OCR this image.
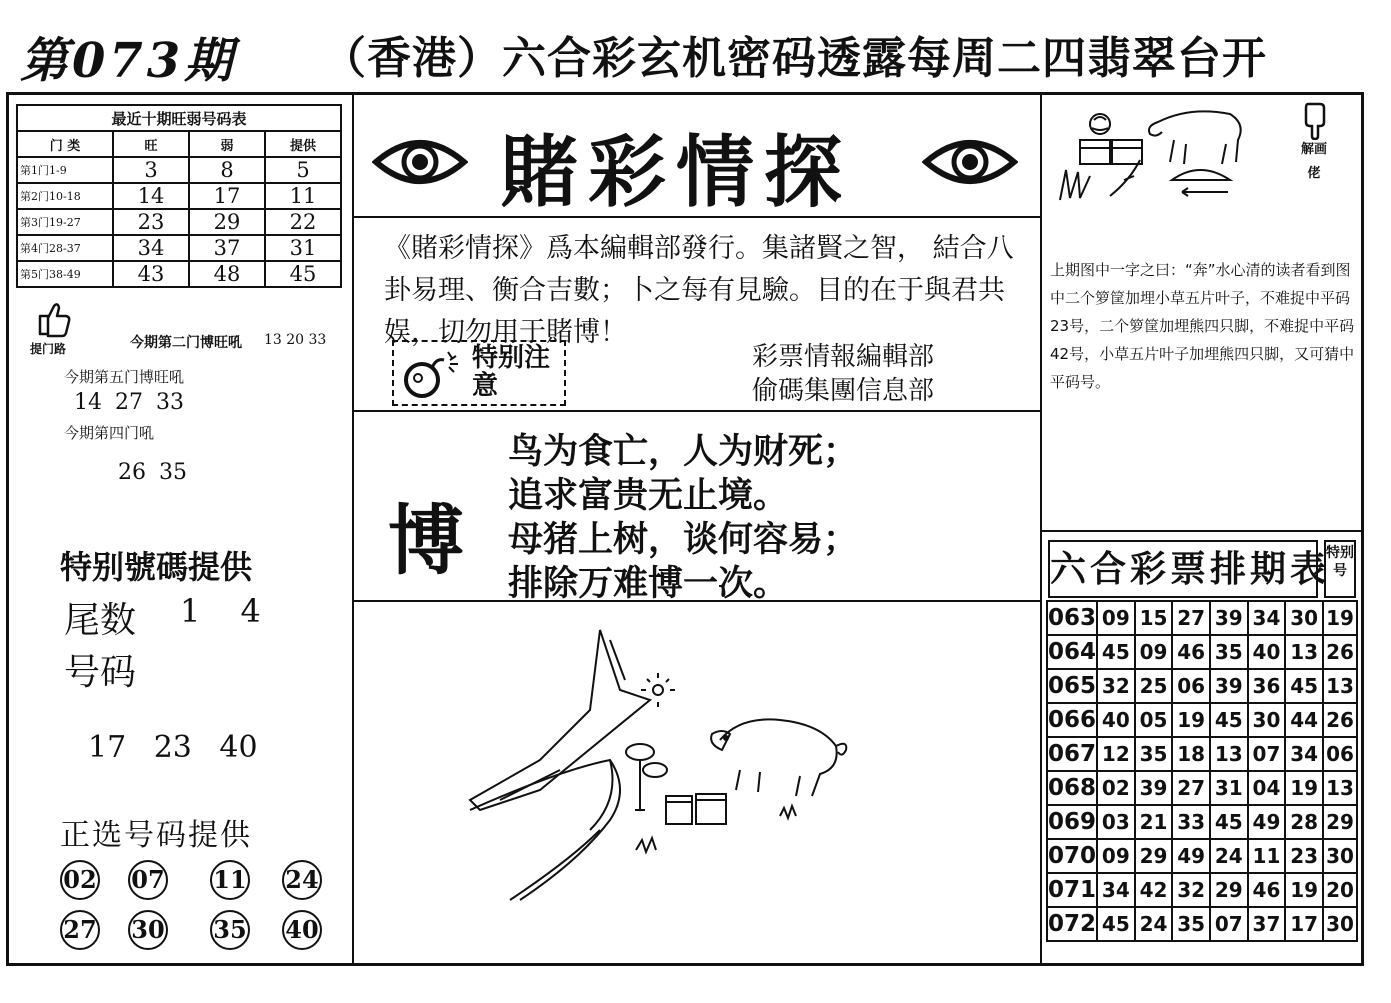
第073期 （香港）六合彩玄机密码透露每周二四翡翠台开
最近十期旺弱号码表			
门 类	旺	弱	提供
第1门1-9	3	8	5
第2门10-18	14	17	11
第3门19-27	23	29	22
第4门28-37	34	37	31
第5门38-49	43	48	45
提门路	今期第二门博旺吼 13 20 33
今期第五门博旺吼
14 27 33
今期第四门吼
26 35
特别號碼提供
尾数 1 4
号码
17 23 40
正选号码提供
02 07 11 24
27 30 35 40
賭彩情探
《賭彩情探》爲本編輯部發行。集諸賢之智， 結合八卦易理、衡合吉數；卜之每有見驗。目的在于與君共娱，切勿用于賭博！
特别注意
彩票情報編輯部
偷碼集團信息部
博
鸟为食亡，人为财死；
追求富贵无止境。
母猪上树，谈何容易；
排除万难博一次。
解画佬
上期图中一字之曰：“奔”水心清的读者看到图中二个箩筐加埋小草五片叶子，不难捉中平码23号，二个箩筐加埋熊四只脚，不难捉中平码42号，小草五片叶子加埋熊四只脚，又可猜中平码号。
六合彩票排期表
特别号
063	09	15	27	39	34	30	19
064	45	09	46	35	40	13	26
065	32	25	06	39	36	45	13
066	40	05	19	45	30	44	26
067	12	35	18	13	07	34	06
068	02	39	27	31	04	19	13
069	03	21	33	45	49	28	29
070	09	29	49	24	11	23	30
071	34	42	32	29	46	19	20
072	45	24	35	07	37	17	30
